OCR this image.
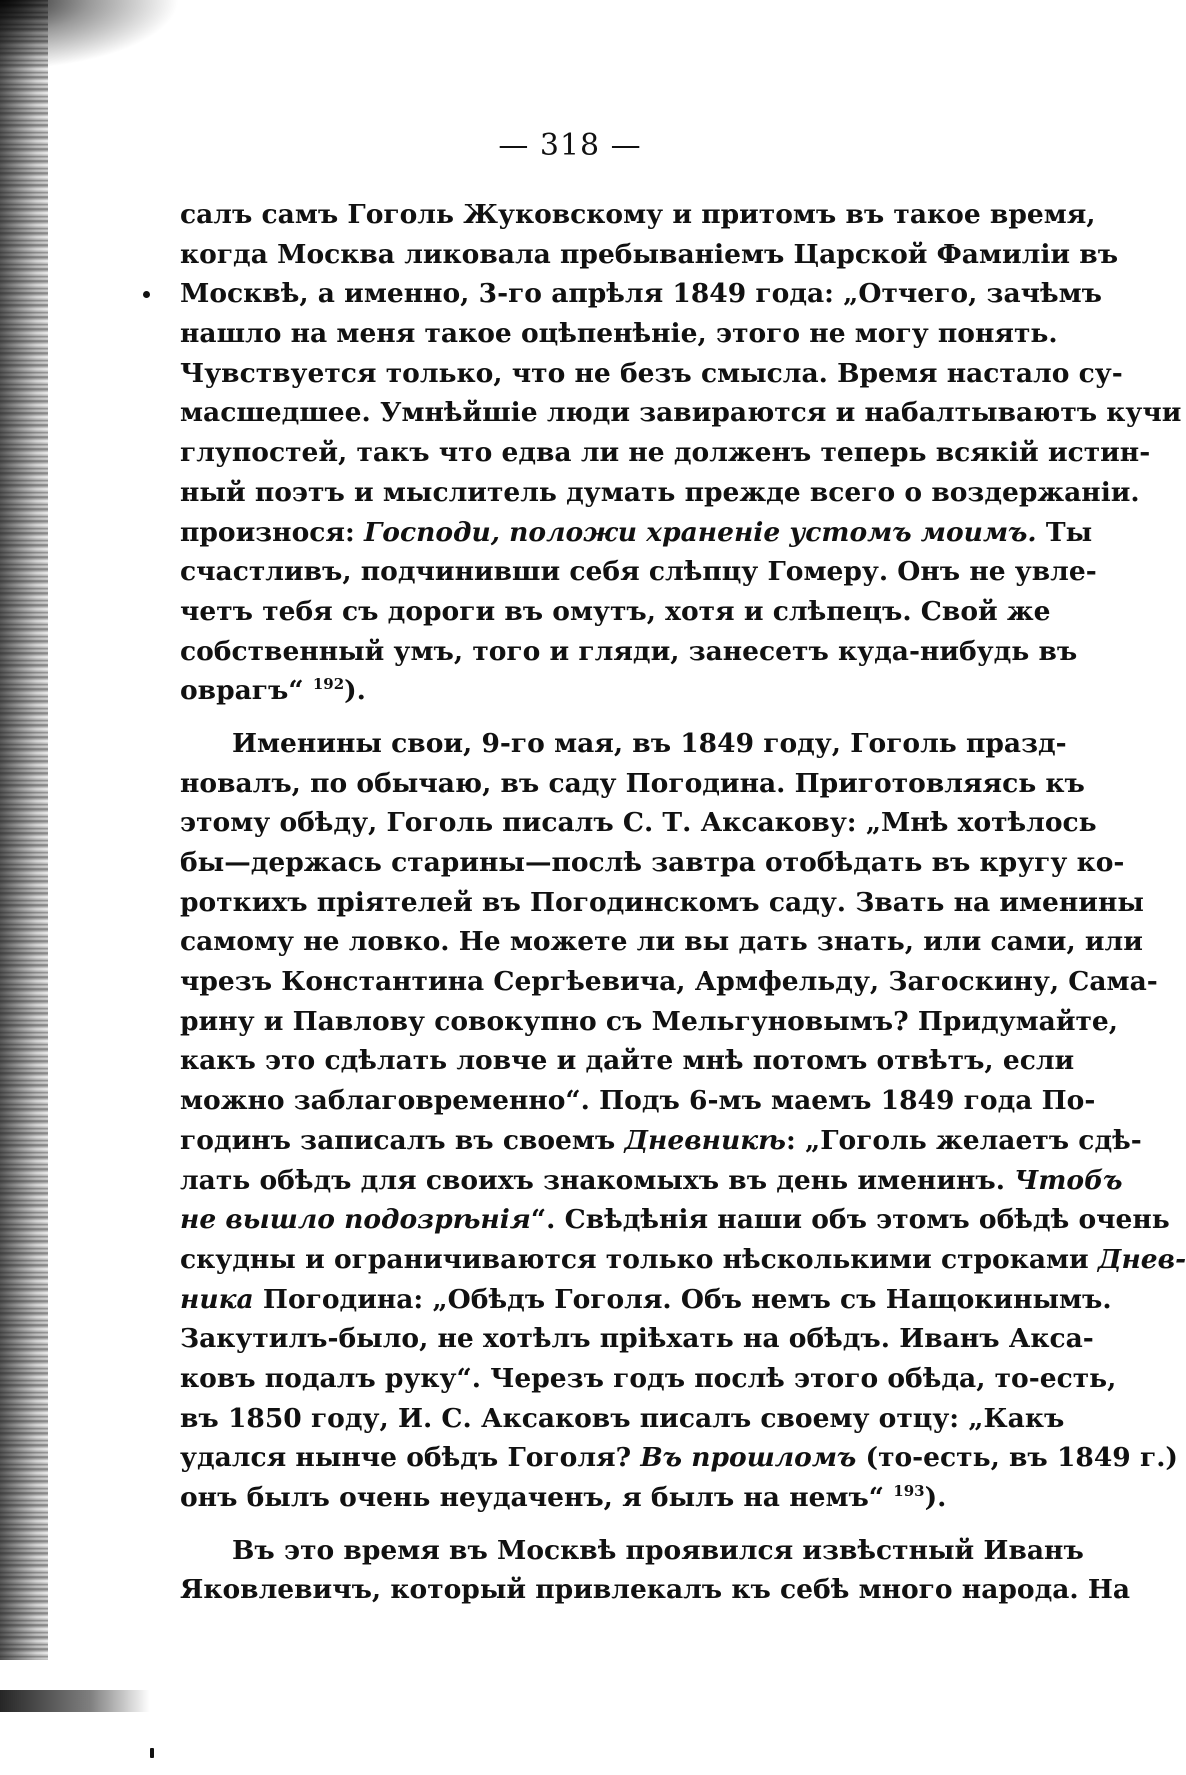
— 318 —
салъ самъ Гоголь Жуковскому и притомъ въ такое время,
когда Москва ликовала пребываніемъ Царской Фамиліи въ
Москвѣ, а именно, 3-го апрѣля 1849 года: „Отчего, зачѣмъ
нашло на меня такое оцѣпенѣніе, этого не могу понять.
Чувствуется только, что не безъ смысла. Время настало су-
масшедшее. Умнѣйшіе люди завираются и набалтываютъ кучи
глупостей, такъ что едва ли не долженъ теперь всякій истин-
ный поэтъ и мыслитель думать прежде всего о воздержаніи.
произнося: Господи, положи храненіе устомъ моимъ. Ты
счастливъ, подчинивши себя слѣпцу Гомеру. Онъ не увле-
четъ тебя съ дороги въ омутъ, хотя и слѣпецъ. Свой же
собственный умъ, того и гляди, занесетъ куда-нибудь въ
оврагъ“ $^{192}$).
Именины свои, 9-го мая, въ 1849 году, Гоголь празд-
новалъ, по обычаю, въ саду Погодина. Приготовляясь къ
этому обѣду, Гоголь писалъ С. Т. Аксакову: „Мнѣ хотѣлось
бы—держась старины—послѣ завтра отобѣдать въ кругу ко-
роткихъ пріятелей въ Погодинскомъ саду. Звать на именины
самому не ловко. Не можете ли вы дать знать, или сами, или
чрезъ Константина Сергѣевича, Армфельду, Загоскину, Сама-
рину и Павлову совокупно съ Мельгуновымъ? Придумайте,
какъ это сдѣлать ловче и дайте мнѣ потомъ отвѣтъ, если
можно заблаговременно“. Подъ 6-мъ маемъ 1849 года По-
годинъ записалъ въ своемъ Дневникѣ: „Гоголь желаетъ сдѣ-
лать обѣдъ для своихъ знакомыхъ въ день именинъ. Чтобъ
не вышло подозрѣнія“. Свѣдѣнія наши объ этомъ обѣдѣ очень
скудны и ограничиваются только нѣсколькими строками Днев-
ника Погодина: „Обѣдъ Гоголя. Объ немъ съ Нащокинымъ.
Закутилъ-было, не хотѣлъ пріѣхать на обѣдъ. Иванъ Акса-
ковъ подалъ руку“. Черезъ годъ послѣ этого обѣда, то-есть,
въ 1850 году, И. С. Аксаковъ писалъ своему отцу: „Какъ
удался нынче обѣдъ Гоголя? Въ прошломъ (то-есть, въ 1849 г.)
онъ былъ очень неудаченъ, я былъ на немъ“ $^{193}$).
Въ это время въ Москвѣ проявился извѣстный Иванъ
Яковлевичъ, который привлекалъ къ себѣ много народа. На
